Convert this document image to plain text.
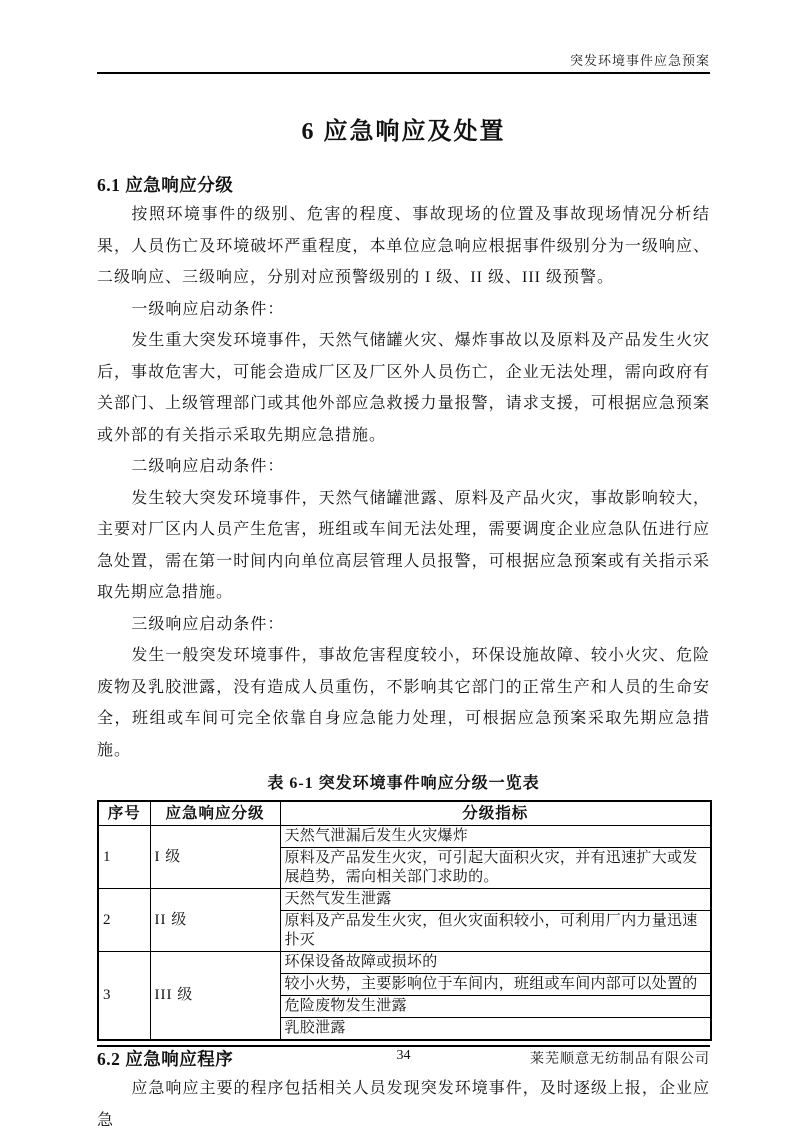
突发环境事件应急预案
6 应急响应及处置
6.1 应急响应分级

按照环境事件的级别、危害的程度、事故现场的位置及事故现场情况分析结果，人员伤亡及环境破坏严重程度，本单位应急响应根据事件级别分为一级响应、二级响应、三级响应，分别对应预警级别的 I 级、II 级、III 级预警。

一级响应启动条件：

发生重大突发环境事件，天然气储罐火灾、爆炸事故以及原料及产品发生火灾后，事故危害大，可能会造成厂区及厂区外人员伤亡，企业无法处理，需向政府有关部门、上级管理部门或其他外部应急救援力量报警，请求支援，可根据应急预案或外部的有关指示采取先期应急措施。

二级响应启动条件：

发生较大突发环境事件，天然气储罐泄露、原料及产品火灾，事故影响较大，主要对厂区内人员产生危害，班组或车间无法处理，需要调度企业应急队伍进行应急处置，需在第一时间内向单位高层管理人员报警，可根据应急预案或有关指示采取先期应急措施。

三级响应启动条件：

发生一般突发环境事件，事故危害程度较小，环保设施故障、较小火灾、危险废物及乳胶泄露，没有造成人员重伤，不影响其它部门的正常生产和人员的生命安全，班组或车间可完全依靠自身应急能力处理，可根据应急预案采取先期应急措施。

表 6-1 突发环境事件响应分级一览表
序号	应急响应分级	分级指标
1	I 级	天然气泄漏后发生火灾爆炸
		原料及产品发生火灾，可引起大面积火灾，并有迅速扩大或发展趋势，需向相关部门求助的。
2	II 级	天然气发生泄露
		原料及产品发生火灾，但火灾面积较小，可利用厂内力量迅速扑灭
3	III 级	环保设备故障或损坏的
		较小火势，主要影响位于车间内，班组或车间内部可以处置的
		危险废物发生泄露
		乳胶泄露
6.2 应急响应程序

应急响应主要的程序包括相关人员发现突发环境事件，及时逐级上报，企业应急

34	莱芜顺意无纺制品有限公司
